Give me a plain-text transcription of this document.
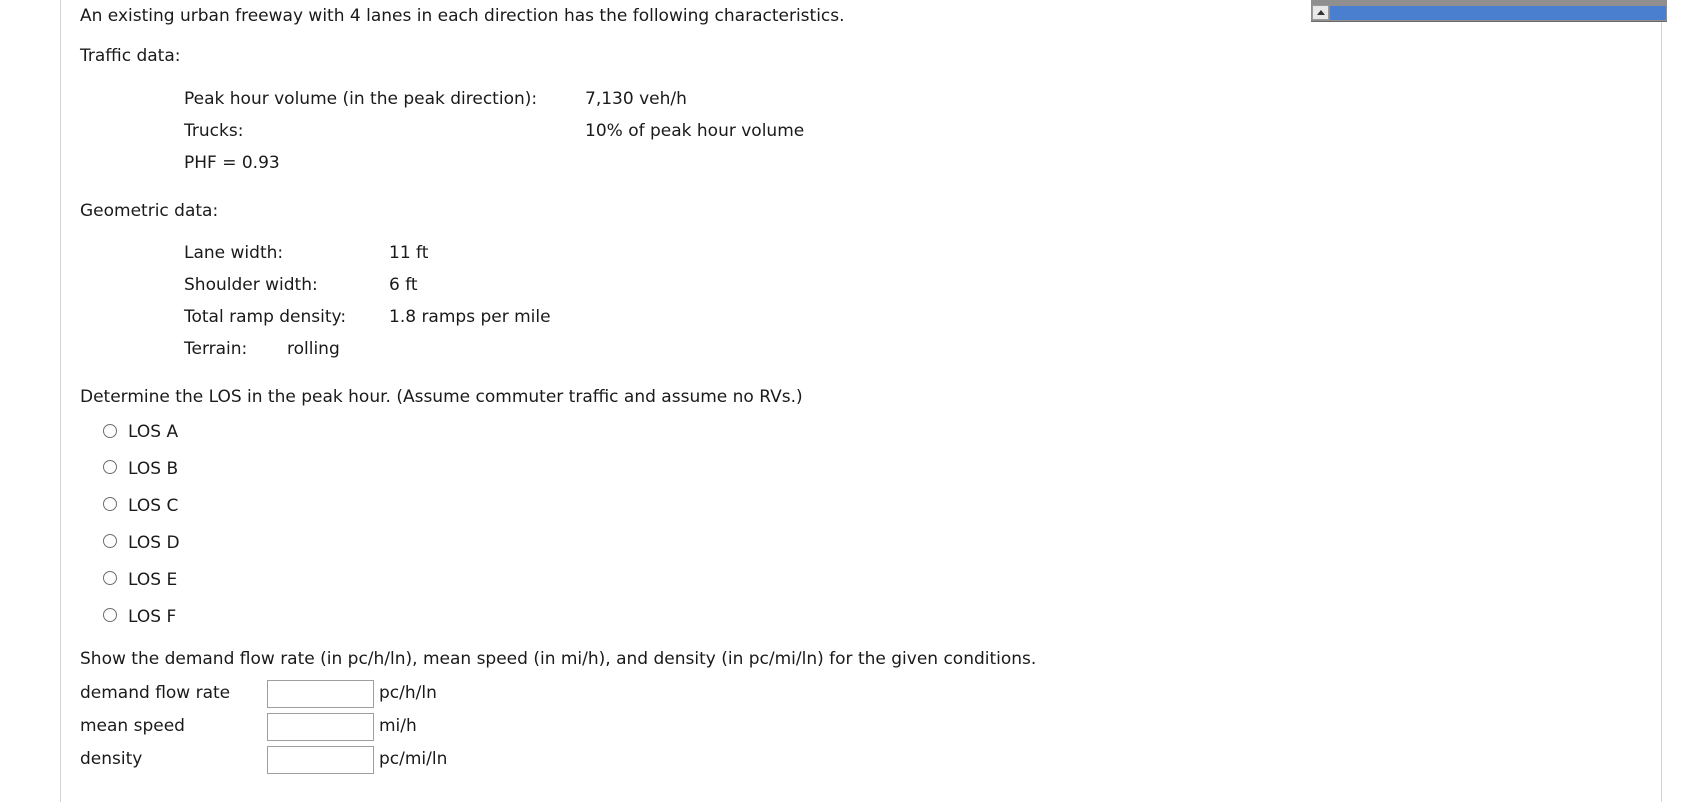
An existing urban freeway with 4 lanes in each direction has the following characteristics.
Traffic data:
Peak hour volume (in the peak direction):	7,130 veh/h
Trucks:	10% of peak hour volume
PHF = 0.93
Geometric data:
Lane width:	11 ft
Shoulder width:	6 ft
Total ramp density:	1.8 ramps per mile
Terrain: rolling
Determine the LOS in the peak hour. (Assume commuter traffic and assume no RVs.)
LOS A
LOS B
LOS C
LOS D
LOS E
LOS F
Show the demand flow rate (in pc/h/ln), mean speed (in mi/h), and density (in pc/mi/ln) for the given conditions.
demand flow rate	pc/h/ln
mean speed	mi/h
density	pc/mi/ln
